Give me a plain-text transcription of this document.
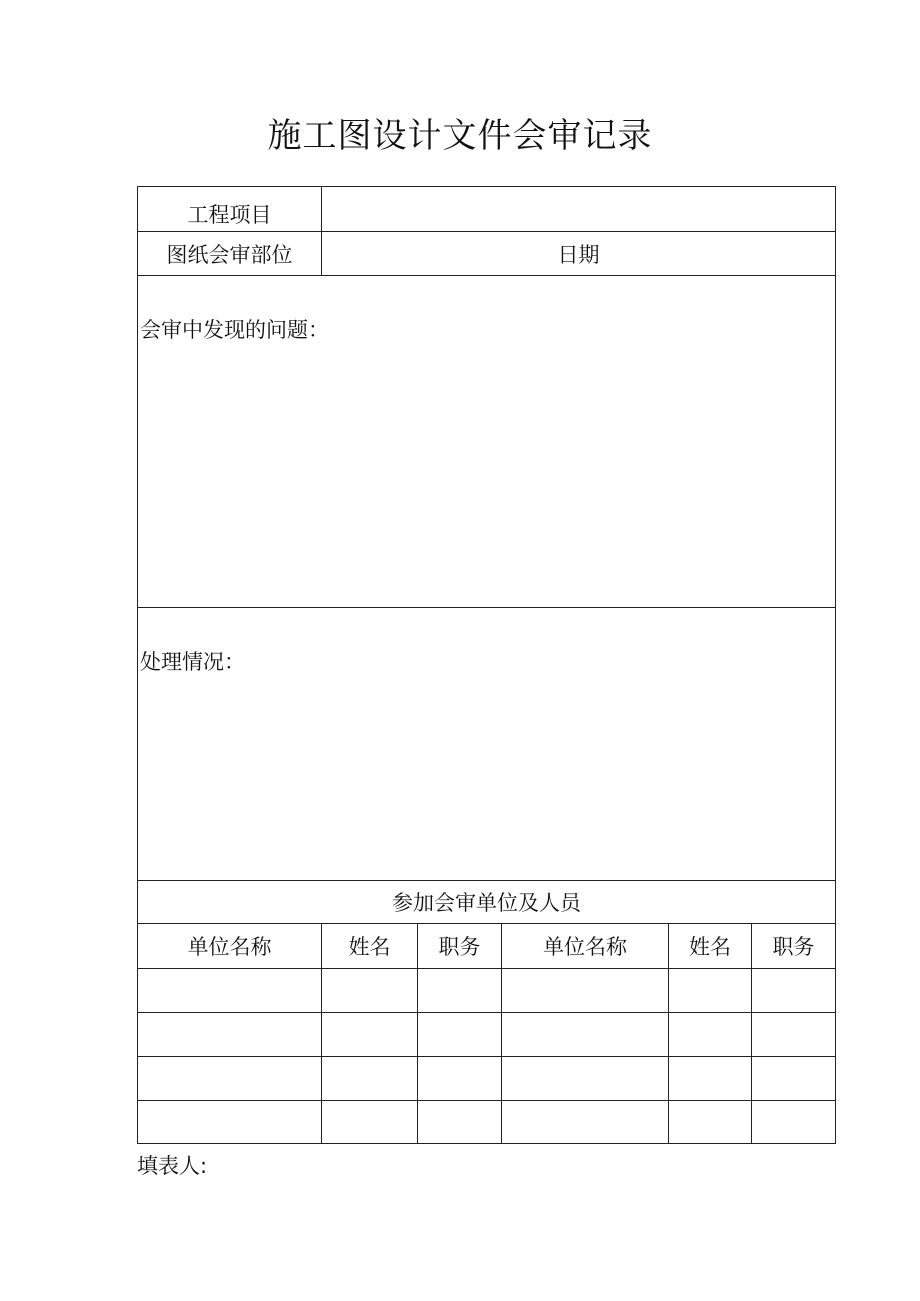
施工图设计文件会审记录
工程项目
图纸会审部位	日期
会审中发现的问题：
处理情况：
参加会审单位及人员
单位名称	姓名	职务	单位名称	姓名	职务
填表人:
